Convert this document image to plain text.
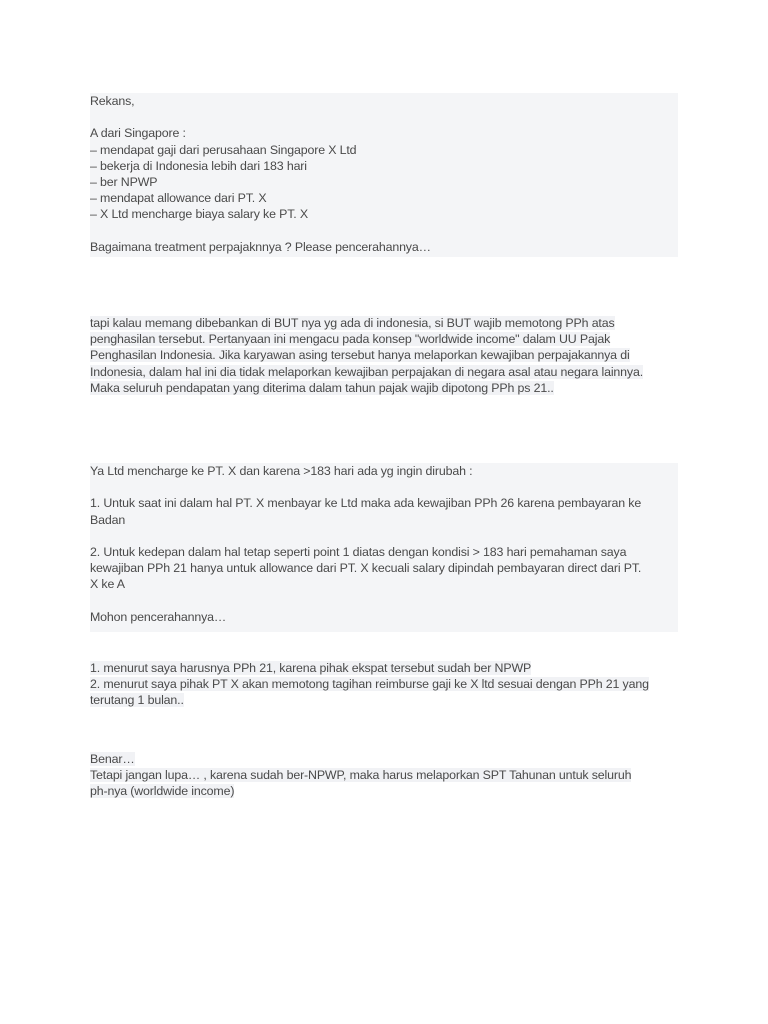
Rekans,

A dari Singapore :
– mendapat gaji dari perusahaan Singapore X Ltd
– bekerja di Indonesia lebih dari 183 hari
– ber NPWP
– mendapat allowance dari PT. X
– X Ltd mencharge biaya salary ke PT. X

Bagaimana treatment perpajaknnya ? Please pencerahannya…
tapi kalau memang dibebankan di BUT nya yg ada di indonesia, si BUT wajib memotong PPh atas
penghasilan tersebut. Pertanyaan ini mengacu pada konsep "worldwide income" dalam UU Pajak
Penghasilan Indonesia. Jika karyawan asing tersebut hanya melaporkan kewajiban perpajakannya di
Indonesia, dalam hal ini dia tidak melaporkan kewajiban perpajakan di negara asal atau negara lainnya.
Maka seluruh pendapatan yang diterima dalam tahun pajak wajib dipotong PPh ps 21..
Ya Ltd mencharge ke PT. X dan karena >183 hari ada yg ingin dirubah :

1. Untuk saat ini dalam hal PT. X menbayar ke Ltd maka ada kewajiban PPh 26 karena pembayaran ke
Badan

2. Untuk kedepan dalam hal tetap seperti point 1 diatas dengan kondisi > 183 hari pemahaman saya
kewajiban PPh 21 hanya untuk allowance dari PT. X kecuali salary dipindah pembayaran direct dari PT.
X ke A

Mohon pencerahannya…
1. menurut saya harusnya PPh 21, karena pihak ekspat tersebut sudah ber NPWP
2. menurut saya pihak PT X akan memotong tagihan reimburse gaji ke X ltd sesuai dengan PPh 21 yang
terutang 1 bulan..
Benar…
Tetapi jangan lupa… , karena sudah ber-NPWP, maka harus melaporkan SPT Tahunan untuk seluruh
ph-nya (worldwide income)
